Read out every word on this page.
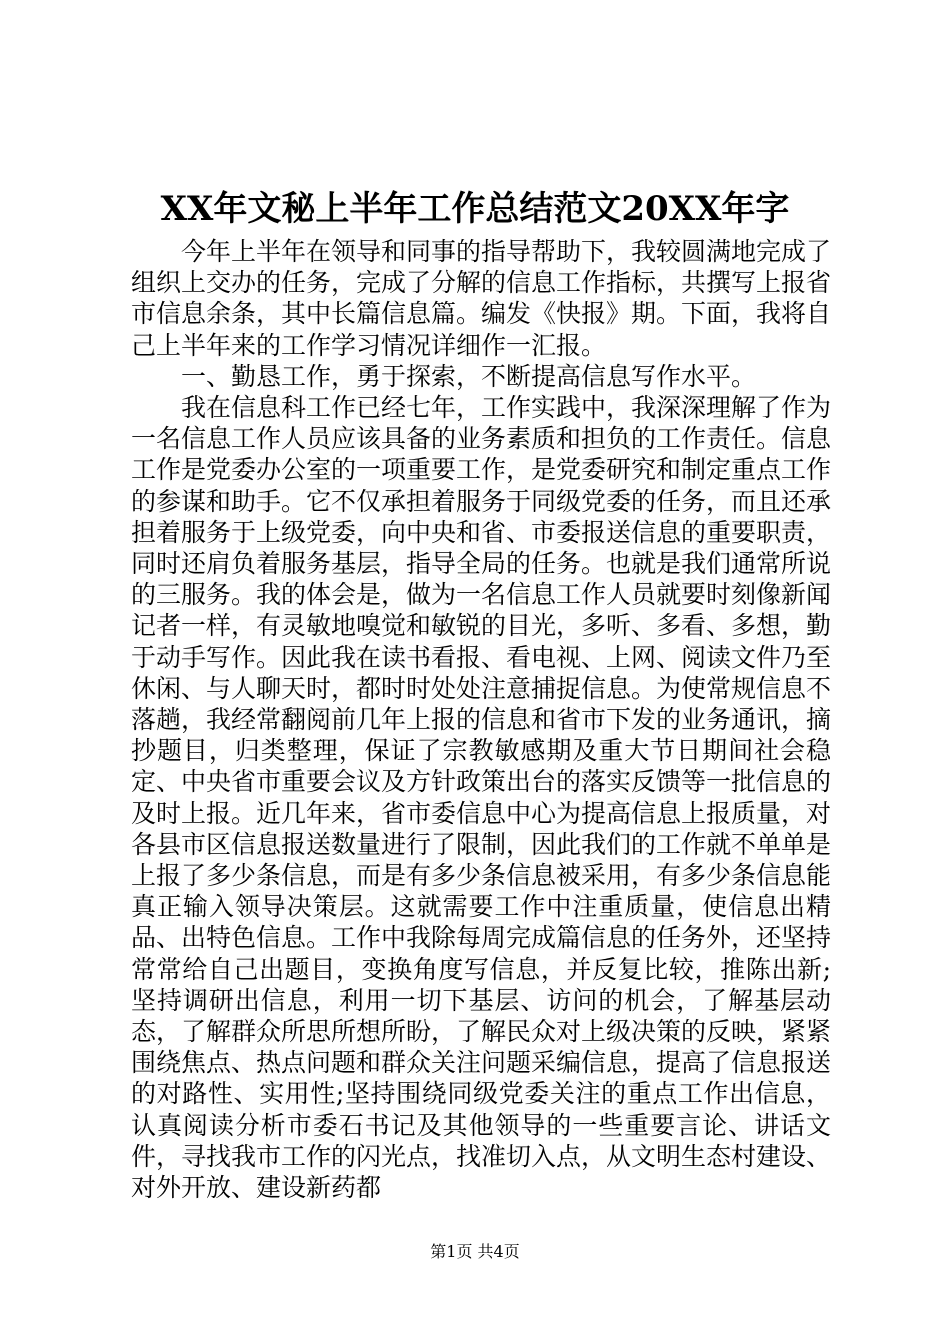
XX年文秘上半年工作总结范文20XX年字

今年上半年在领导和同事的指导帮助下，我较圆满地完成了组织上交办的任务，完成了分解的信息工作指标，共撰写上报省市信息余条，其中长篇信息篇。编发《快报》期。下面，我将自己上半年来的工作学习情况详细作一汇报。

一、勤恳工作，勇于探索，不断提高信息写作水平。

我在信息科工作已经七年，工作实践中，我深深理解了作为一名信息工作人员应该具备的业务素质和担负的工作责任。信息工作是党委办公室的一项重要工作，是党委研究和制定重点工作的参谋和助手。它不仅承担着服务于同级党委的任务，而且还承担着服务于上级党委，向中央和省、市委报送信息的重要职责，同时还肩负着服务基层，指导全局的任务。也就是我们通常所说的三服务。我的体会是，做为一名信息工作人员就要时刻像新闻记者一样，有灵敏地嗅觉和敏锐的目光，多听、多看、多想，勤于动手写作。因此我在读书看报、看电视、上网、阅读文件乃至休闲、与人聊天时，都时时处处注意捕捉信息。为使常规信息不落趟，我经常翻阅前几年上报的信息和省市下发的业务通讯，摘抄题目，归类整理，保证了宗教敏感期及重大节日期间社会稳定、中央省市重要会议及方针政策出台的落实反馈等一批信息的及时上报。近几年来，省市委信息中心为提高信息上报质量，对各县市区信息报送数量进行了限制，因此我们的工作就不单单是上报了多少条信息，而是有多少条信息被采用，有多少条信息能真正输入领导决策层。这就需要工作中注重质量，使信息出精品、出特色信息。工作中我除每周完成篇信息的任务外，还坚持常常给自己出题目，变换角度写信息，并反复比较，推陈出新;坚持调研出信息，利用一切下基层、访问的机会，了解基层动态，了解群众所思所想所盼，了解民众对上级决策的反映，紧紧围绕焦点、热点问题和群众关注问题采编信息，提高了信息报送的对路性、实用性;坚持围绕同级党委关注的重点工作出信息，认真阅读分析市委石书记及其他领导的一些重要言论、讲话文件，寻找我市工作的闪光点，找准切入点，从文明生态村建设、对外开放、建设新药都

第1页 共4页
